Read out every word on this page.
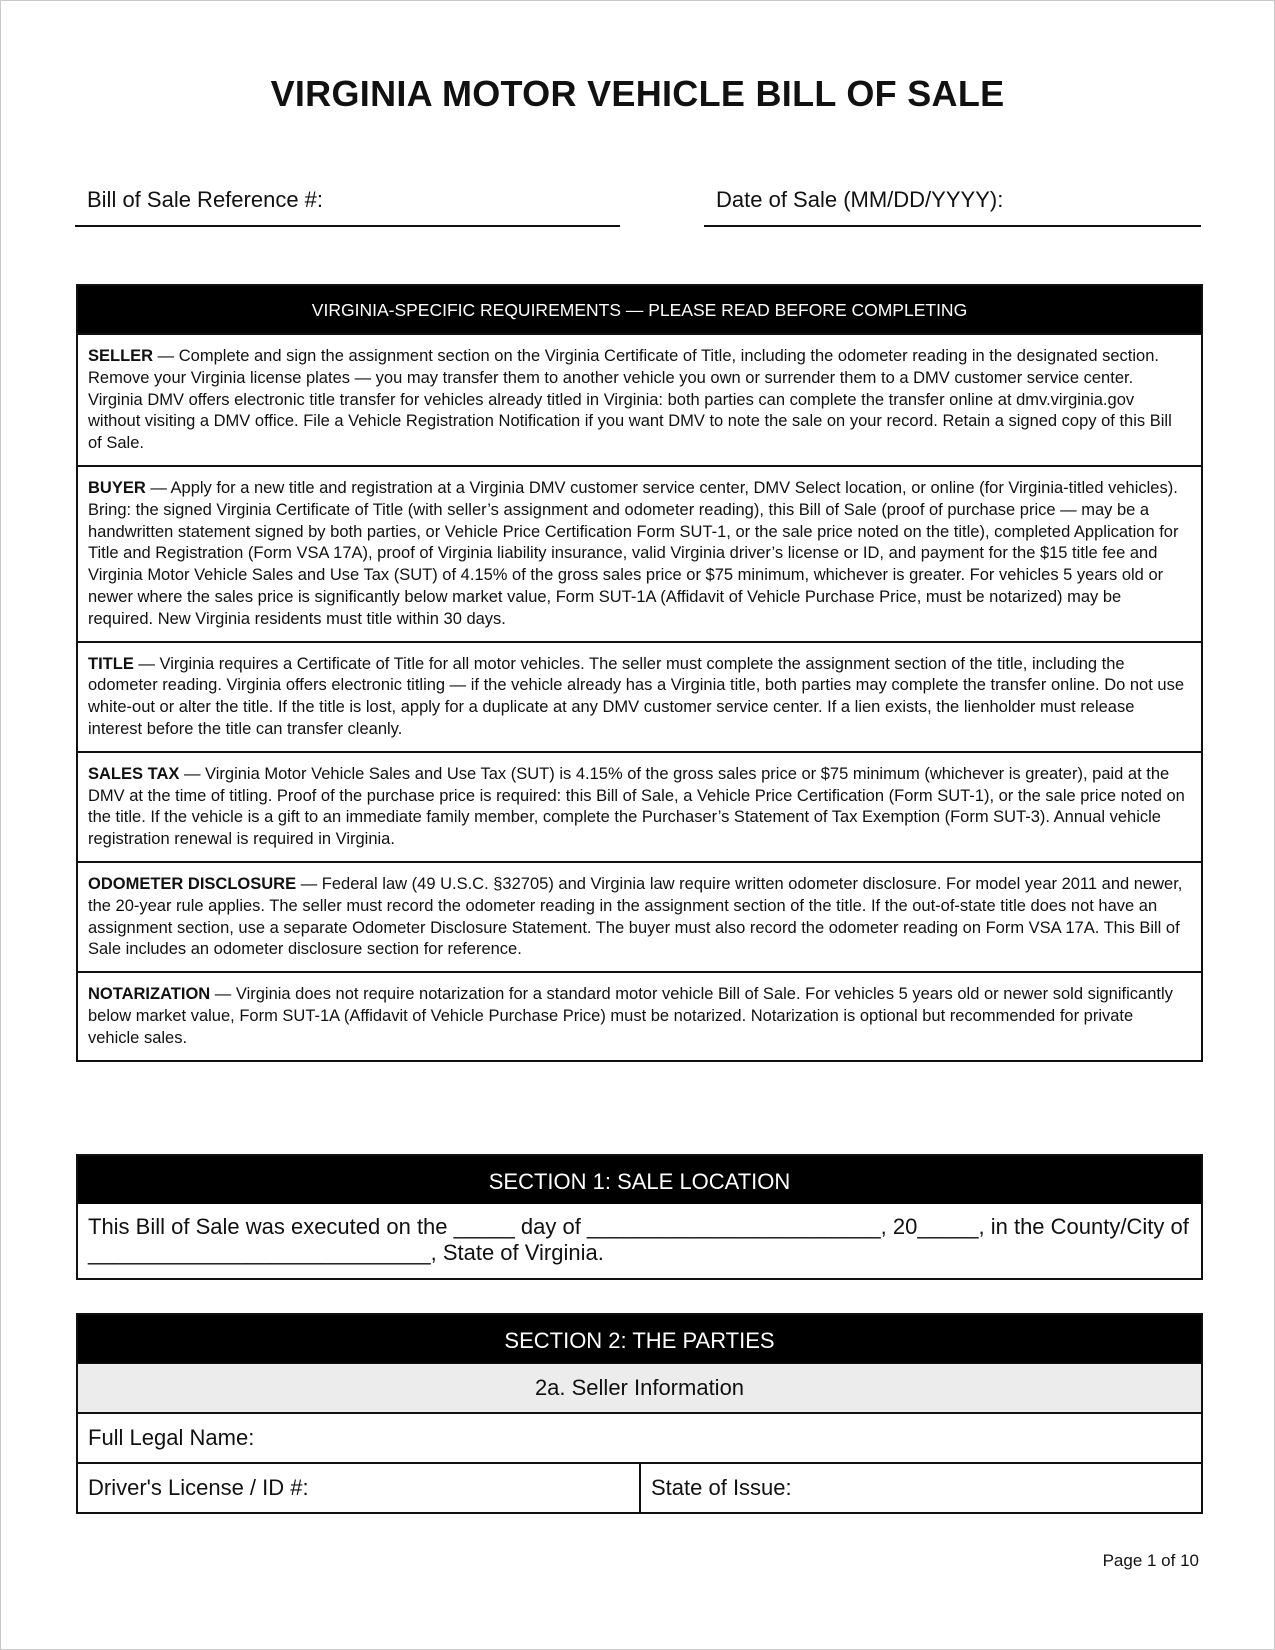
VIRGINIA MOTOR VEHICLE BILL OF SALE
Bill of Sale Reference #:	Date of Sale (MM/DD/YYYY):
VIRGINIA-SPECIFIC REQUIREMENTS — PLEASE READ BEFORE COMPLETING
SELLER — Complete and sign the assignment section on the Virginia Certificate of Title, including the odometer reading in the designated section. Remove your Virginia license plates — you may transfer them to another vehicle you own or surrender them to a DMV customer service center. Virginia DMV offers electronic title transfer for vehicles already titled in Virginia: both parties can complete the transfer online at dmv.virginia.gov without visiting a DMV office. File a Vehicle Registration Notification if you want DMV to note the sale on your record. Retain a signed copy of this Bill of Sale.
BUYER — Apply for a new title and registration at a Virginia DMV customer service center, DMV Select location, or online (for Virginia-titled vehicles). Bring: the signed Virginia Certificate of Title (with seller’s assignment and odometer reading), this Bill of Sale (proof of purchase price — may be a handwritten statement signed by both parties, or Vehicle Price Certification Form SUT-1, or the sale price noted on the title), completed Application for Title and Registration (Form VSA 17A), proof of Virginia liability insurance, valid Virginia driver’s license or ID, and payment for the $15 title fee and Virginia Motor Vehicle Sales and Use Tax (SUT) of 4.15% of the gross sales price or $75 minimum, whichever is greater. For vehicles 5 years old or newer where the sales price is significantly below market value, Form SUT-1A (Affidavit of Vehicle Purchase Price, must be notarized) may be required. New Virginia residents must title within 30 days.
TITLE — Virginia requires a Certificate of Title for all motor vehicles. The seller must complete the assignment section of the title, including the odometer reading. Virginia offers electronic titling — if the vehicle already has a Virginia title, both parties may complete the transfer online. Do not use white-out or alter the title. If the title is lost, apply for a duplicate at any DMV customer service center. If a lien exists, the lienholder must release interest before the title can transfer cleanly.
SALES TAX — Virginia Motor Vehicle Sales and Use Tax (SUT) is 4.15% of the gross sales price or $75 minimum (whichever is greater), paid at the DMV at the time of titling. Proof of the purchase price is required: this Bill of Sale, a Vehicle Price Certification (Form SUT-1), or the sale price noted on the title. If the vehicle is a gift to an immediate family member, complete the Purchaser’s Statement of Tax Exemption (Form SUT-3). Annual vehicle registration renewal is required in Virginia.
ODOMETER DISCLOSURE — Federal law (49 U.S.C. §32705) and Virginia law require written odometer disclosure. For model year 2011 and newer, the 20-year rule applies. The seller must record the odometer reading in the assignment section of the title. If the out-of-state title does not have an assignment section, use a separate Odometer Disclosure Statement. The buyer must also record the odometer reading on Form VSA 17A. This Bill of Sale includes an odometer disclosure section for reference.
NOTARIZATION — Virginia does not require notarization for a standard motor vehicle Bill of Sale. For vehicles 5 years old or newer sold significantly below market value, Form SUT-1A (Affidavit of Vehicle Purchase Price) must be notarized. Notarization is optional but recommended for private vehicle sales.
SECTION 1: SALE LOCATION
This Bill of Sale was executed on the _____ day of ________________________, 20_____, in the County/City of ____________________________, State of Virginia.
SECTION 2: THE PARTIES
2a. Seller Information
Full Legal Name:
Driver's License / ID #:	State of Issue:
Page 1 of 10
